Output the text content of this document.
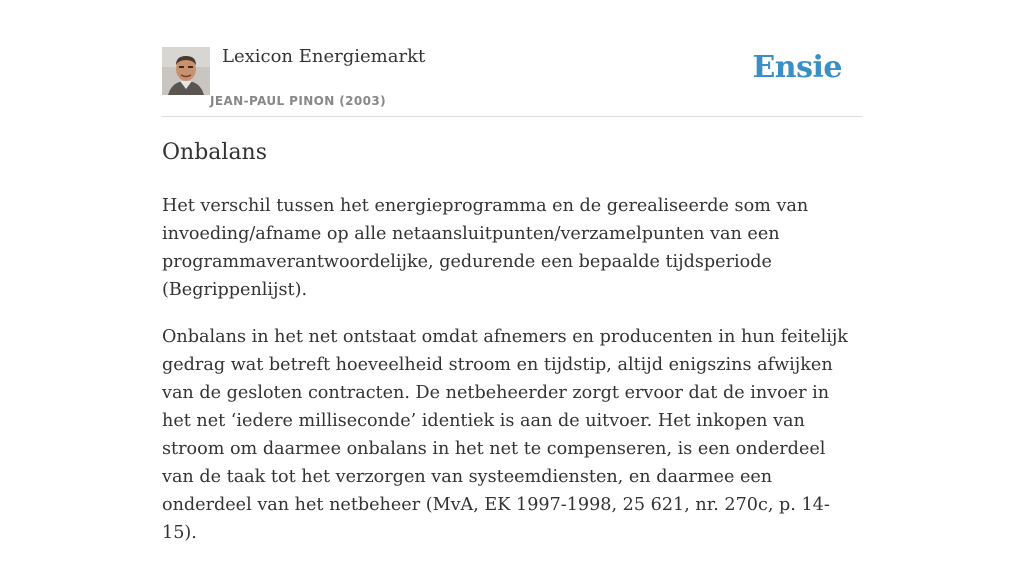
Lexicon Energiemarkt
JEAN-PAUL PINON (2003)
Ensie
Onbalans

Het verschil tussen het energieprogramma en de gerealiseerde som van invoeding/afname op alle netaansluitpunten/verzamelpunten van een programmaverantwoordelijke, gedurende een bepaalde tijdsperiode (Begrippenlijst).

Onbalans in het net ontstaat omdat afnemers en producenten in hun feitelijk gedrag wat betreft hoeveelheid stroom en tijdstip, altijd enigszins afwijken van de gesloten contracten. De netbeheerder zorgt ervoor dat de invoer in het net ‘iedere milliseconde’ identiek is aan de uitvoer. Het inkopen van stroom om daarmee onbalans in het net te compenseren, is een onderdeel van de taak tot het verzorgen van systeemdiensten, en daarmee een onderdeel van het netbeheer (MvA, EK 1997-1998, 25 621, nr. 270c, p. 14-15).
